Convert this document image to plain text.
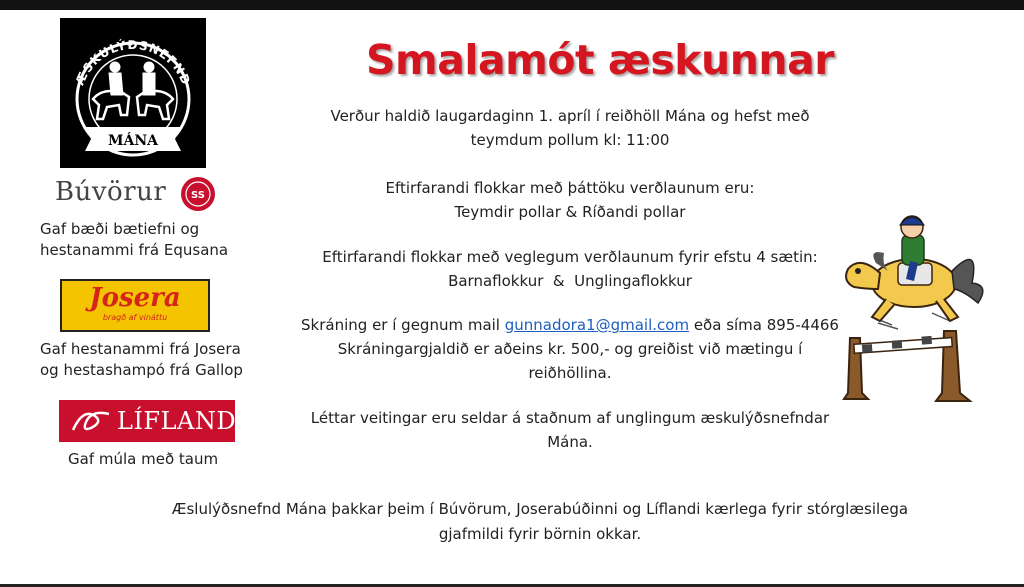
ÆSKULÝÐSNEFND
MÁNA
Búvörur SS
Gaf bæði bætiefni og
hestanammi frá Equsana
Josera
bragð af vináttu
Gaf hestanammi frá Josera
og hestashampó frá Gallop
LÍFLAND
Gaf múla með taum
Smalamót æskunnar
Verður haldið laugardaginn 1. apríl í reiðhöll Mána og hefst með
teymdum pollum kl: 11:00
Eftirfarandi flokkar með þáttöku verðlaunum eru:
Teymdir pollar & Ríðandi pollar
Eftirfarandi flokkar með veglegum verðlaunum fyrir efstu 4 sætin:
Barnaflokkur  &  Unglingaflokkur
Skráning er í gegnum mail gunnadora1@gmail.com eða síma 895-4466
Skráningargjaldið er aðeins kr. 500,- og greiðist við mætingu í
reiðhöllina.
Léttar veitingar eru seldar á staðnum af unglingum æskulýðsnefndar
Mána.
Æslulýðsnefnd Mána þakkar þeim í Búvörum, Joserabúðinni og Líflandi kærlega fyrir stórglæsilega
gjafmildi fyrir börnin okkar.
